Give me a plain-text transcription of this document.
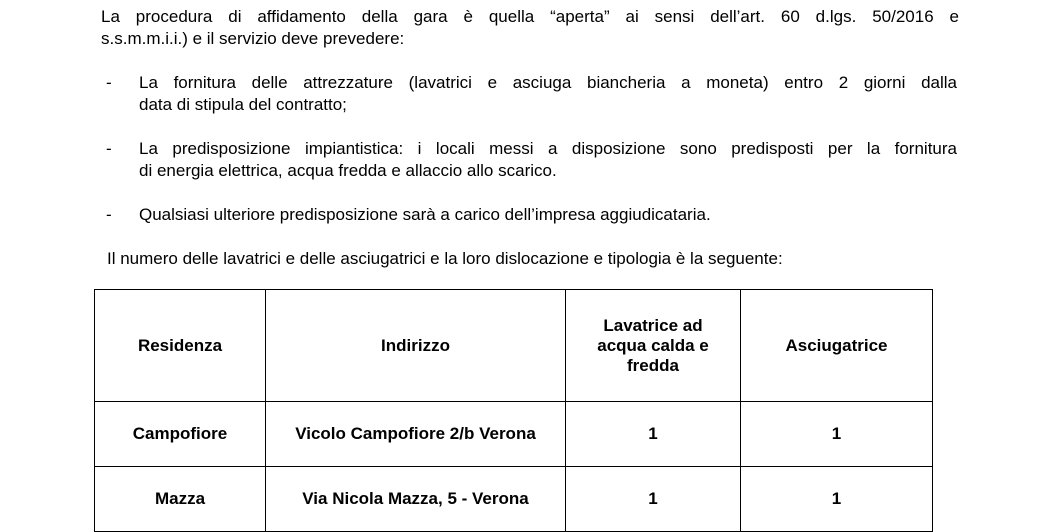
La procedura di affidamento della gara è quella “aperta” ai sensi dell’art. 60 d.lgs. 50/2016 e
s.s.m.m.i.i.) e il servizio deve prevedere:
- La fornitura delle attrezzature (lavatrici e asciuga biancheria a moneta) entro 2 giorni dalla
data di stipula del contratto;
- La predisposizione impiantistica: i locali messi a disposizione sono predisposti per la fornitura
di energia elettrica, acqua fredda e allaccio allo scarico.
- Qualsiasi ulteriore predisposizione sarà a carico dell’impresa aggiudicataria.
Il numero delle lavatrici e delle asciugatrici e la loro dislocazione e tipologia è la seguente:
Residenza	Indirizzo	Lavatrice ad acqua calda e fredda	Asciugatrice
Campofiore	Vicolo Campofiore 2/b Verona	1	1
Mazza	Via Nicola Mazza, 5 - Verona	1	1
